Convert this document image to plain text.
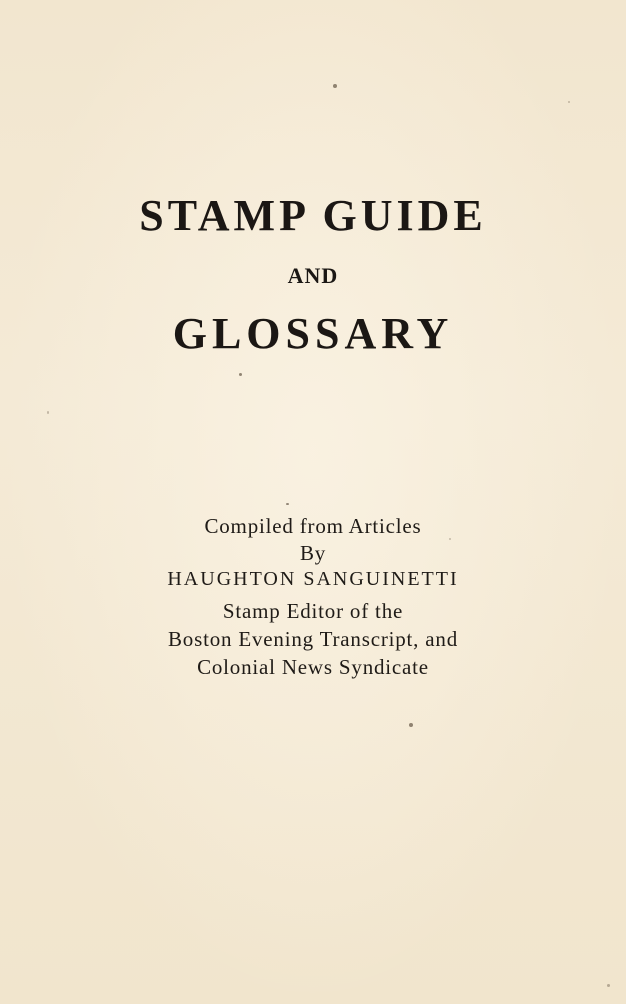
STAMP GUIDE
AND
GLOSSARY
Compiled from Articles
By
HAUGHTON SANGUINETTI
Stamp Editor of the
Boston Evening Transcript, and
Colonial News Syndicate
